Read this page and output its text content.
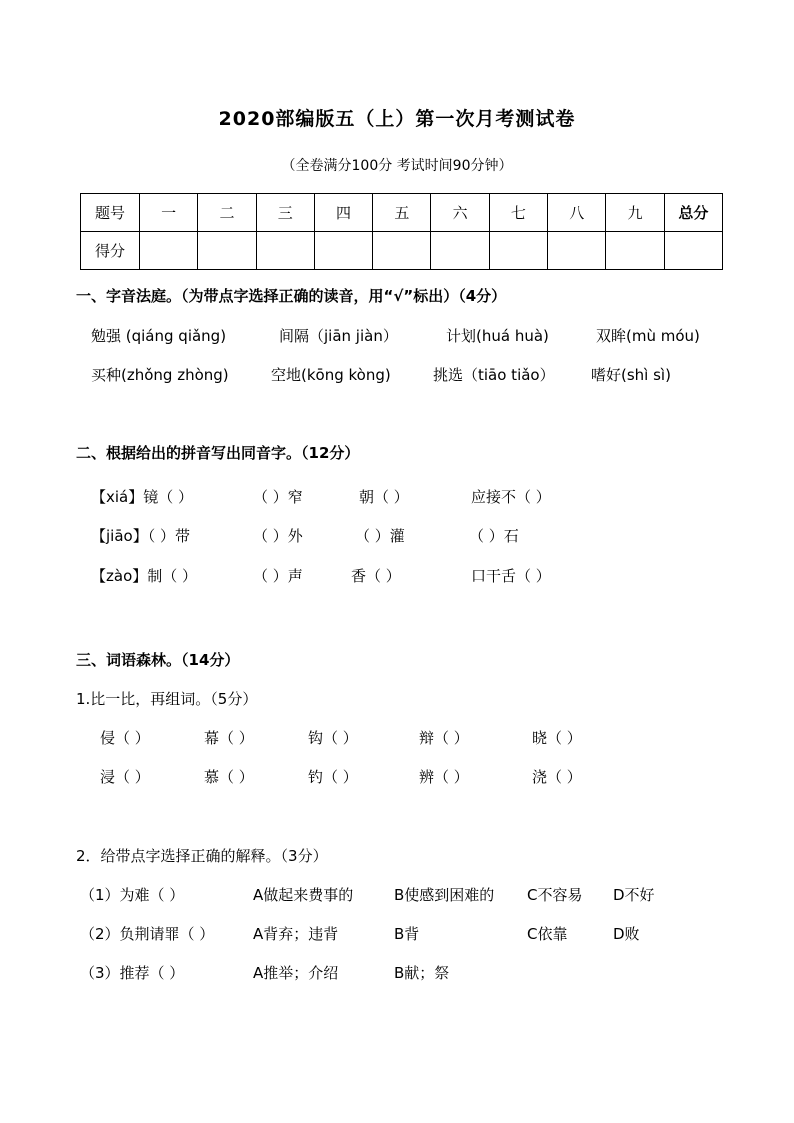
2020部编版五（上）第一次月考测试卷
（全卷满分100分 考试时间90分钟）
题号	一	二	三	四	五	六	七	八	九	总分
得分										
一、字音法庭。（为带点字选择正确的读音，用“√”标出）（4分）
勉强 (qiáng qiǎng)	间隔（jiān jiàn）	计划(huá huà)	双眸(mù móu)
买种(zhǒng zhòng)	空地(kōng kòng)	挑选（tiāo tiǎo） 嗜好(shì sì)
二、根据给出的拼音写出同音字。（12分）
【xiá】镜（ ）	（ ）窄	朝（ ）	应接不（ ）
【jiāo】（ ）带	（ ）外	（ ）灌	（ ）石
【zào】制（ ）	（ ）声	香（ ）	口干舌（ ）
三、词语森林。（14分）
1.比一比，再组词。（5分）
侵（ ）	幕（ ）	钩（ ）	辩（ ）	晓（ ）
浸（ ）	慕（ ）	钓（ ）	辨（ ）	浇（ ）
2．给带点字选择正确的解释。（3分）
（1）为难（ ）	A做起来费事的	B使感到困难的 C不容易 D不好
（2）负荆请罪（ ）	A背弃；违背	B背	C依靠	D败
（3）推荐（ ）	A推举；介绍	B献；祭
